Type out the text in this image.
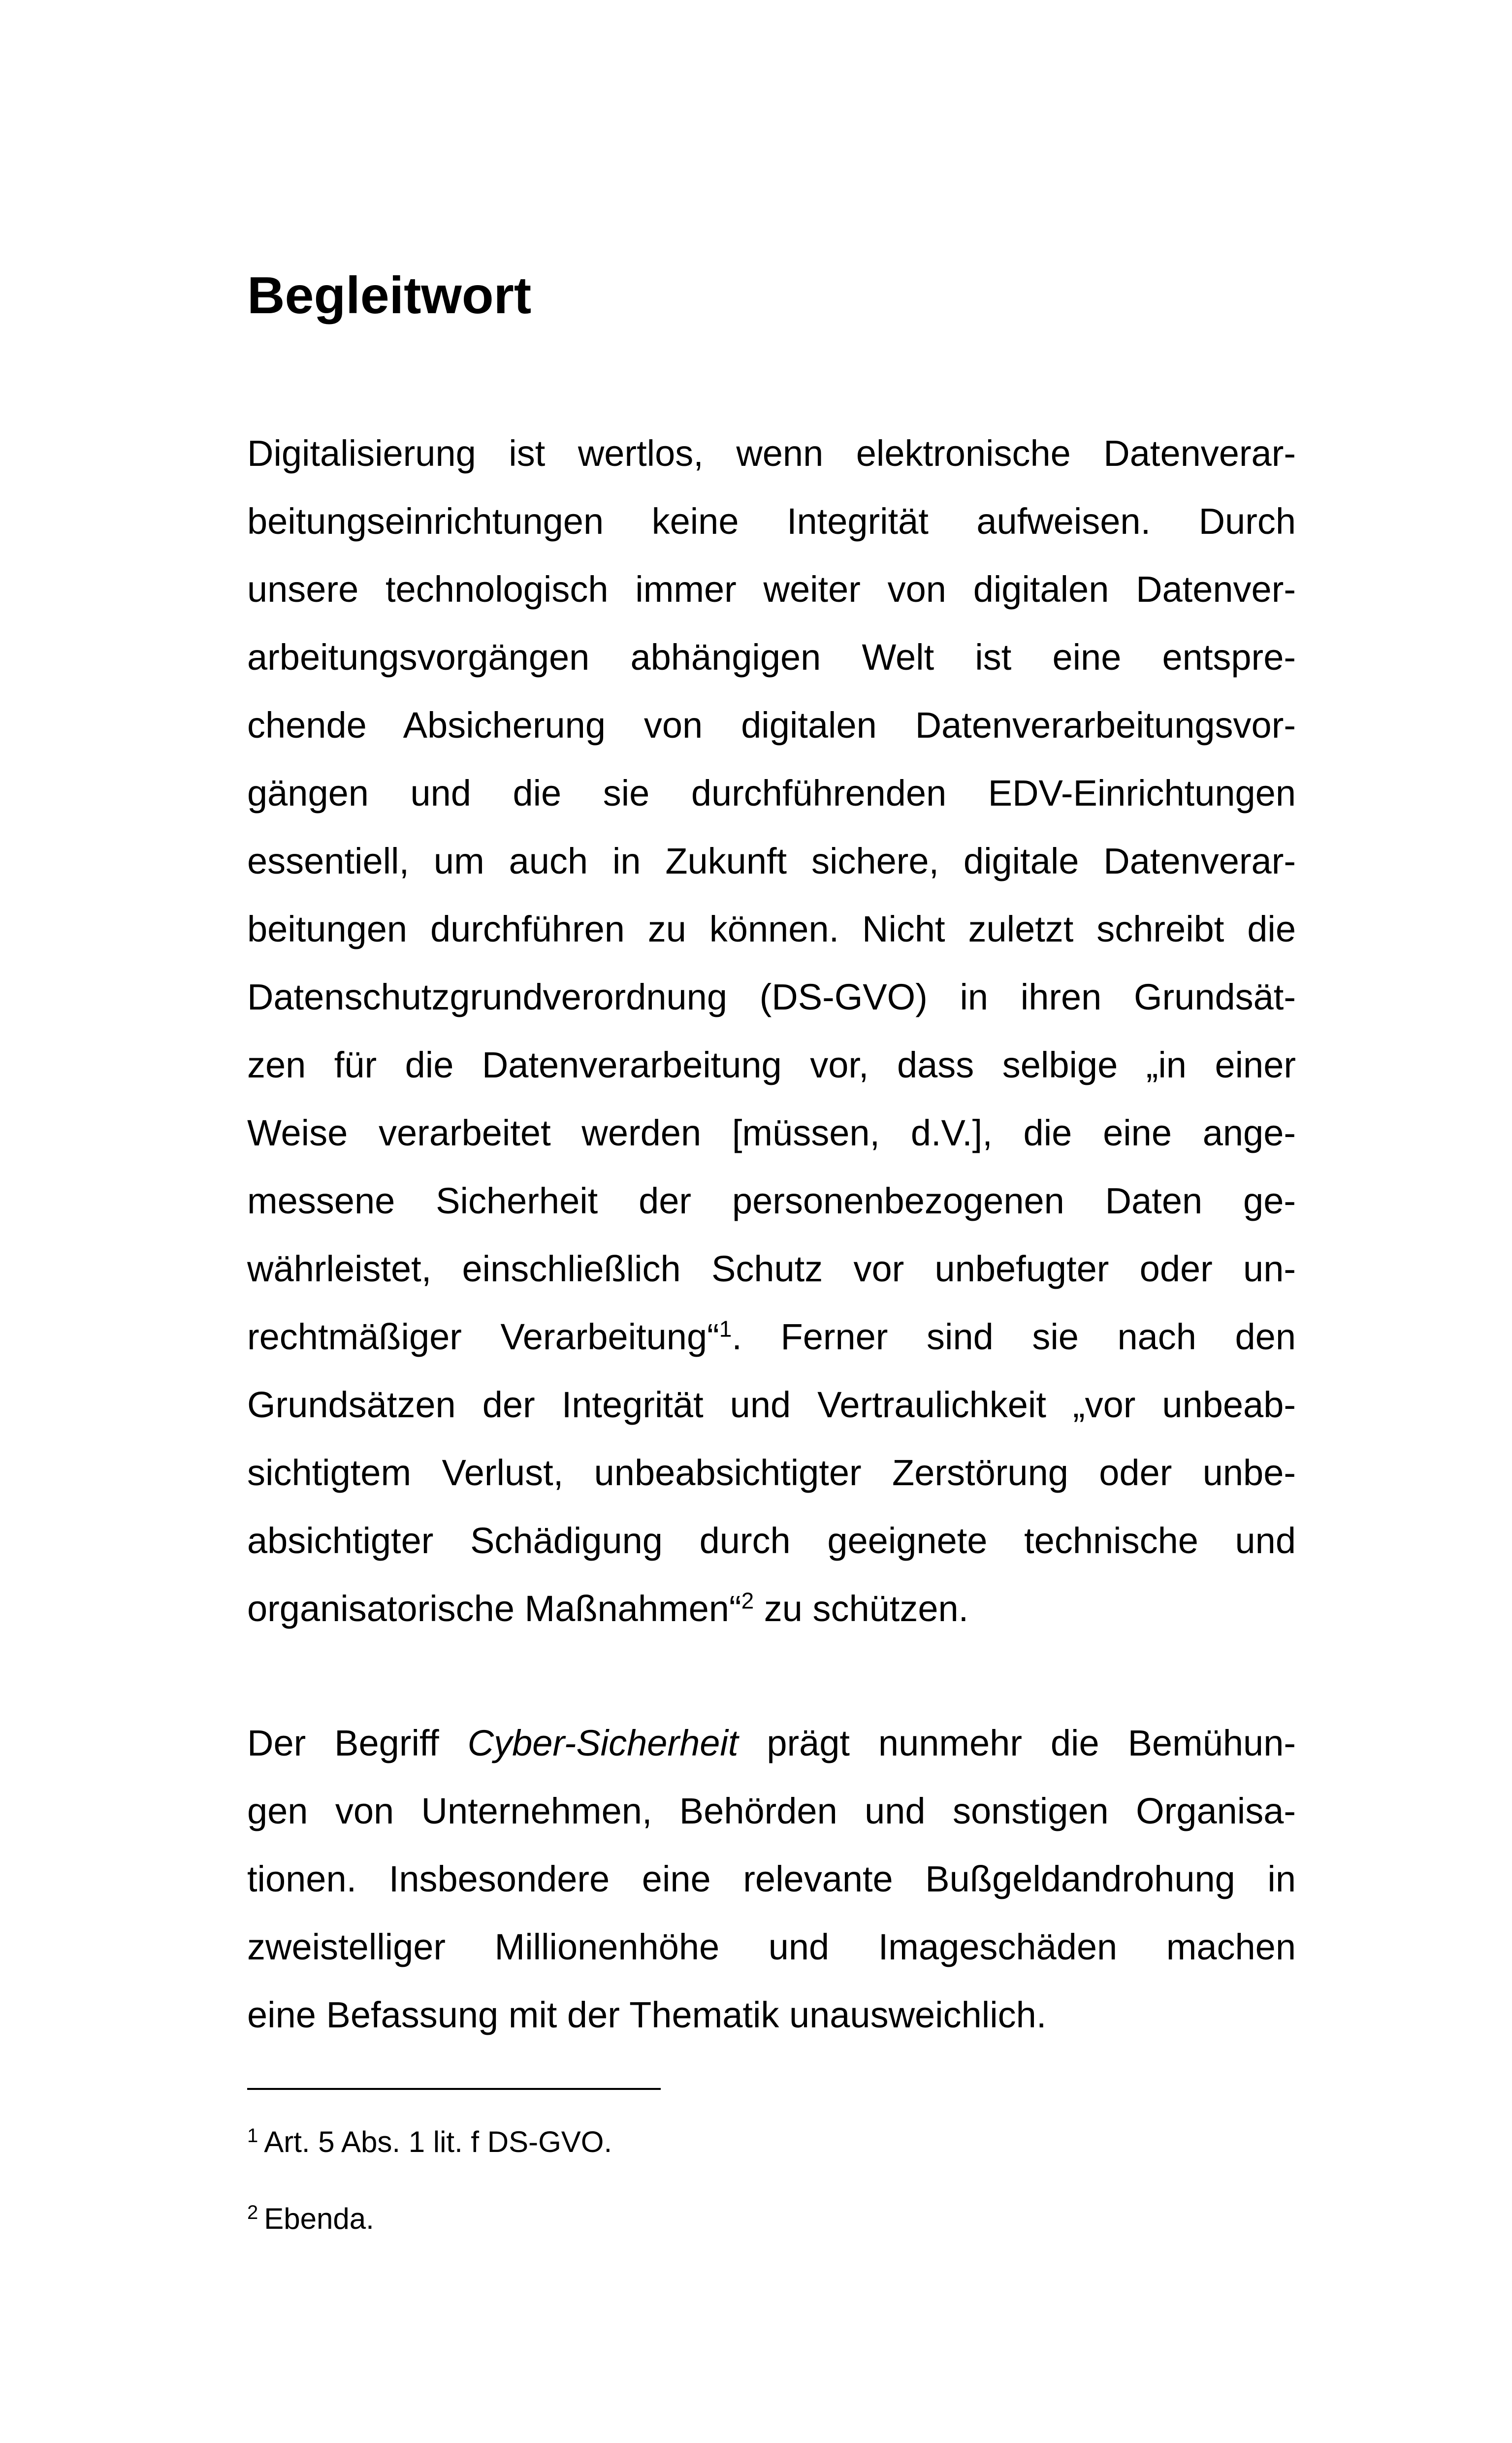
Begleitwort
Digitalisierung ist wertlos, wenn elektronische Datenverar-
beitungseinrichtungen keine Integrität aufweisen. Durch
unsere technologisch immer weiter von digitalen Datenver-
arbeitungsvorgängen abhängigen Welt ist eine entspre-
chende Absicherung von digitalen Datenverarbeitungsvor-
gängen und die sie durchführenden EDV-Einrichtungen
essentiell, um auch in Zukunft sichere, digitale Datenverar-
beitungen durchführen zu können. Nicht zuletzt schreibt die
Datenschutzgrundverordnung (DS-GVO) in ihren Grundsät-
zen für die Datenverarbeitung vor, dass selbige „in einer
Weise verarbeitet werden [müssen, d.V.], die eine ange-
messene Sicherheit der personenbezogenen Daten ge-
währleistet, einschließlich Schutz vor unbefugter oder un-
rechtmäßiger Verarbeitung“$^1$. Ferner sind sie nach den
Grundsätzen der Integrität und Vertraulichkeit „vor unbeab-
sichtigtem Verlust, unbeabsichtigter Zerstörung oder unbe-
absichtigter Schädigung durch geeignete technische und
organisatorische Maßnahmen“$^2$ zu schützen.
Der Begriff Cyber-Sicherheit prägt nunmehr die Bemühun-
gen von Unternehmen, Behörden und sonstigen Organisa-
tionen. Insbesondere eine relevante Bußgeldandrohung in
zweistelliger Millionenhöhe und Imageschäden machen
eine Befassung mit der Thematik unausweichlich.

$^1$ Art. 5 Abs. 1 lit. f DS-GVO.

$^2$ Ebenda.
